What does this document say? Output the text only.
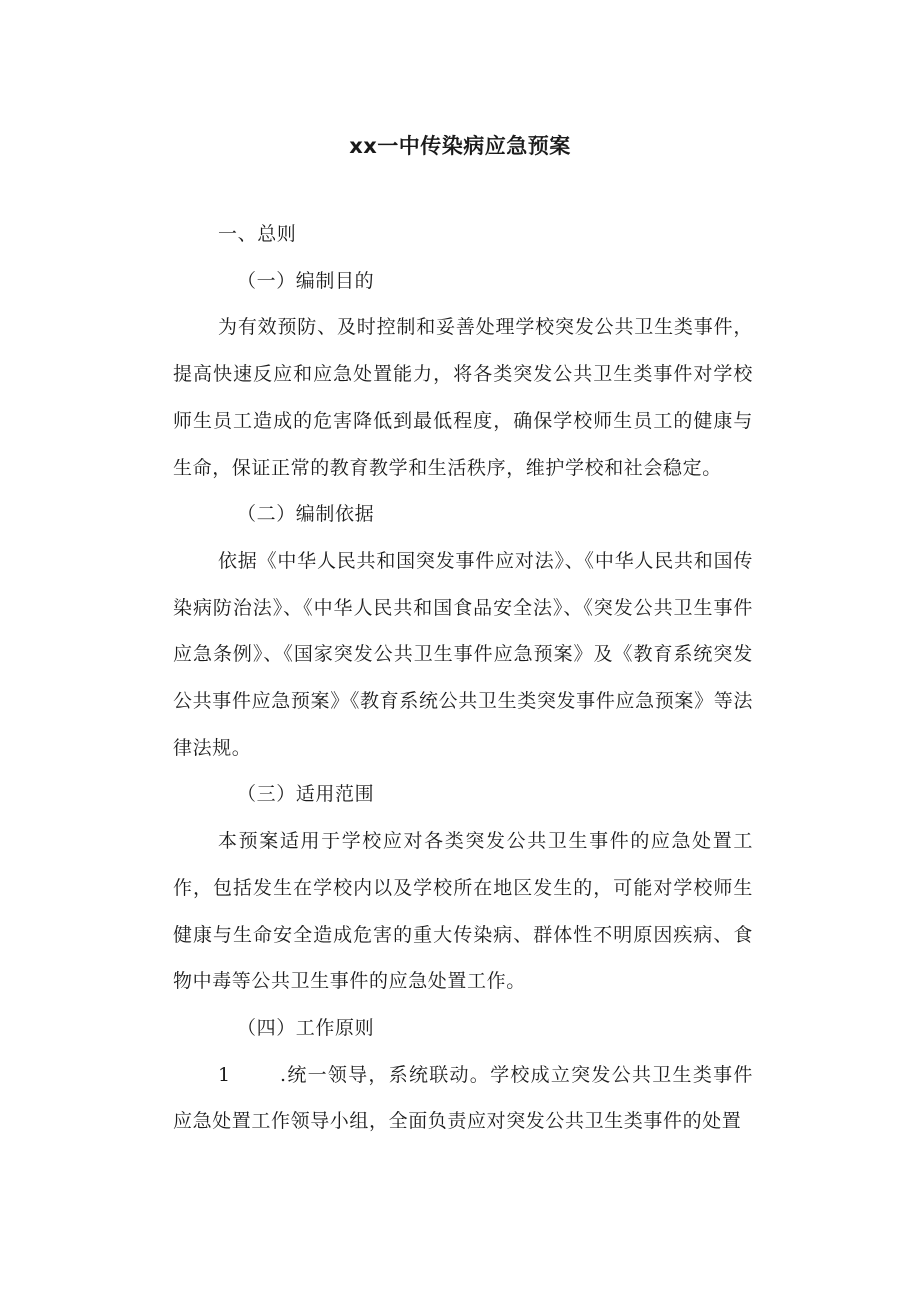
xx一中传染病应急预案

一、总则

（一）编制目的

为有效预防、及时控制和妥善处理学校突发公共卫生类事件，提高快速反应和应急处置能力，将各类突发公共卫生类事件对学校师生员工造成的危害降低到最低程度，确保学校师生员工的健康与生命，保证正常的教育教学和生活秩序，维护学校和社会稳定。

（二）编制依据

依据《中华人民共和国突发事件应对法》、《中华人民共和国传染病防治法》、《中华人民共和国食品安全法》、《突发公共卫生事件应急条例》、《国家突发公共卫生事件应急预案》及《教育系统突发公共事件应急预案》《教育系统公共卫生类突发事件应急预案》等法律法规。

（三）适用范围

本预案适用于学校应对各类突发公共卫生事件的应急处置工作，包括发生在学校内以及学校所在地区发生的，可能对学校师生健康与生命安全造成危害的重大传染病、群体性不明原因疾病、食物中毒等公共卫生事件的应急处置工作。

（四）工作原则

1	.统一领导，系统联动。学校成立突发公共卫生类事件应急处置工作领导小组，全面负责应对突发公共卫生类事件的处置
